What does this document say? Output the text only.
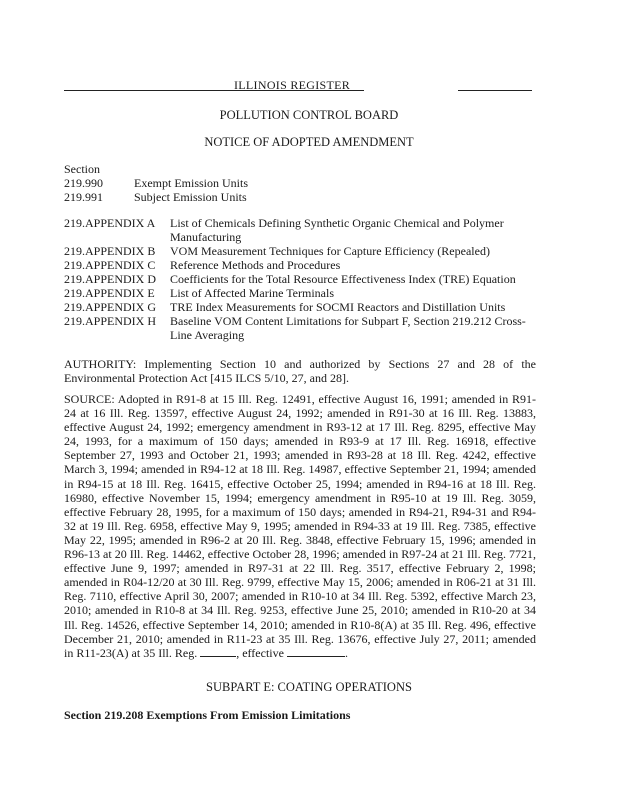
ILLINOIS REGISTER
POLLUTION CONTROL BOARD
NOTICE OF ADOPTED AMENDMENT
Section
219.990	Exempt Emission Units
219.991	Subject Emission Units
219.APPENDIX A	List of Chemicals Defining Synthetic Organic Chemical and Polymer Manufacturing
219.APPENDIX B	VOM Measurement Techniques for Capture Efficiency (Repealed)
219.APPENDIX C	Reference Methods and Procedures
219.APPENDIX D	Coefficients for the Total Resource Effectiveness Index (TRE) Equation
219.APPENDIX E	List of Affected Marine Terminals
219.APPENDIX G	TRE Index Measurements for SOCMI Reactors and Distillation Units
219.APPENDIX H	Baseline VOM Content Limitations for Subpart F, Section 219.212 Cross-Line Averaging
AUTHORITY: Implementing Section 10 and authorized by Sections 27 and 28 of the Environmental Protection Act [415 ILCS 5/10, 27, and 28].
SOURCE: Adopted in R91-8 at 15 Ill. Reg. 12491, effective August 16, 1991; amended in R91-24 at 16 Ill. Reg. 13597, effective August 24, 1992; amended in R91-30 at 16 Ill. Reg. 13883, effective August 24, 1992; emergency amendment in R93-12 at 17 Ill. Reg. 8295, effective May 24, 1993, for a maximum of 150 days; amended in R93-9 at 17 Ill. Reg. 16918, effective September 27, 1993 and October 21, 1993; amended in R93-28 at 18 Ill. Reg. 4242, effective March 3, 1994; amended in R94-12 at 18 Ill. Reg. 14987, effective September 21, 1994; amended in R94-15 at 18 Ill. Reg. 16415, effective October 25, 1994; amended in R94-16 at 18 Ill. Reg. 16980, effective November 15, 1994; emergency amendment in R95-10 at 19 Ill. Reg. 3059, effective February 28, 1995, for a maximum of 150 days; amended in R94-21, R94-31 and R94-32 at 19 Ill. Reg. 6958, effective May 9, 1995; amended in R94-33 at 19 Ill. Reg. 7385, effective May 22, 1995; amended in R96-2 at 20 Ill. Reg. 3848, effective February 15, 1996; amended in R96-13 at 20 Ill. Reg. 14462, effective October 28, 1996; amended in R97-24 at 21 Ill. Reg. 7721, effective June 9, 1997; amended in R97-31 at 22 Ill. Reg. 3517, effective February 2, 1998; amended in R04-12/20 at 30 Ill. Reg. 9799, effective May 15, 2006; amended in R06-21 at 31 Ill. Reg. 7110, effective April 30, 2007; amended in R10-10 at 34 Ill. Reg. 5392, effective March 23, 2010; amended in R10-8 at 34 Ill. Reg. 9253, effective June 25, 2010; amended in R10-20 at 34 Ill. Reg. 14526, effective September 14, 2010; amended in R10-8(A) at 35 Ill. Reg. 496, effective December 21, 2010; amended in R11-23 at 35 Ill. Reg. 13676, effective July 27, 2011; amended in R11-23(A) at 35 Ill. Reg.	, effective	.
SUBPART E: COATING OPERATIONS
Section 219.208 Exemptions From Emission Limitations
